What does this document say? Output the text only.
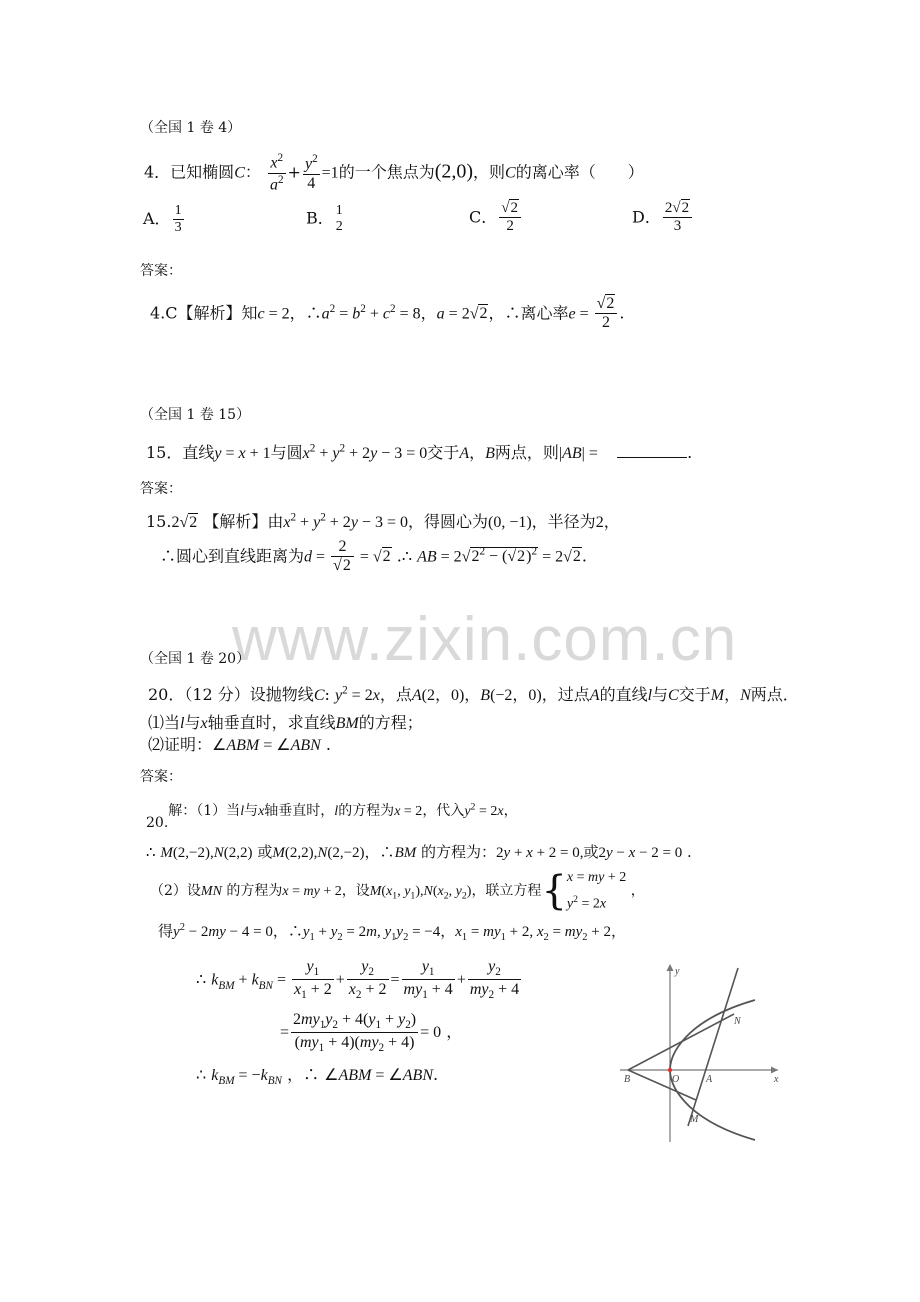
www.zixin.com.cn
（全国 1 卷 4）
4．已知椭圆C： $\frac{x^2}{a^2} + \frac{y^2}{4} =1$的一个焦点为(2,0)，则C的离心率（　　）
A． $\frac{1}{3}$	B． 1
2
C． $\frac{√2}{2}$	D． $\frac{2√2}{3}$
答案：
4.C【解析】知c = 2，$\therefore a^2 = b^2 + c^2 = 8$，a = 2√2，∴离心率$e = \frac{√2}{2}$ .
（全国 1 卷 15）
15．直线y = x + 1与圆$x^2 + y^2 + 2y - 3 = 0$交于A，B两点，则|AB| =	.
答案：
15.2√2 【解析】由$x^2 + y^2 + 2y - 3 = 0$，得圆心为(0, −1)，半径为2，
∴圆心到直线距离为$d = \frac{2}{√2} = √2$ .∴ AB = $2√2^2 - (√2)^2 = 2√2$.
（全国 1 卷 20）
20．（12 分）设抛物线C: $y^2 = 2x$，点A(2，0)，B(−2，0)，过点A的直线l与C交于M，N两点．
⑴当l与x轴垂直时，求直线BM的方程；
⑵证明：∠ABM = ∠ABN .
答案：
20.解：（1）当l与x轴垂直时，l的方程为x = 2，代入$y^2 = 2x$，
∴ M(2,−2),N(2,2) 或M(2,2),N(2,−2)，∴BM 的方程为：2y + x + 2 = 0,或2y − x − 2 = 0 .
（2）设MN 的方程为x = my + 2，设$M(x_1$, $y_1),N(x_2$, $y_2$)，联立方程{ x = my + 2
$y^2 = 2x$
，
得$y^2 - 2my - 4 = 0$，$\therefore y_1 + y_2 = 2m$, $y_1y_2 = -4$，$x_1 = my_1 + 2$, $x_2 = my_2 + 2$，
∴ $k_{BM} + k_{BN} = \frac{y_1}{x_1 + 2} + \frac{y_2}{x_2 + 2} = \frac{y_1}{my_1 + 4} + \frac{y_2}{my_2 + 4}$
= $\frac{2my_1y_2 + 4(y_1 + y_2)}{(my_1 + 4)(my_2 + 4)} = 0$ ，
∴ $k_{BM} = -k_{BN}$ ，∴ ∠ABM = ∠ABN.
y
x
B	O	A
N
M
